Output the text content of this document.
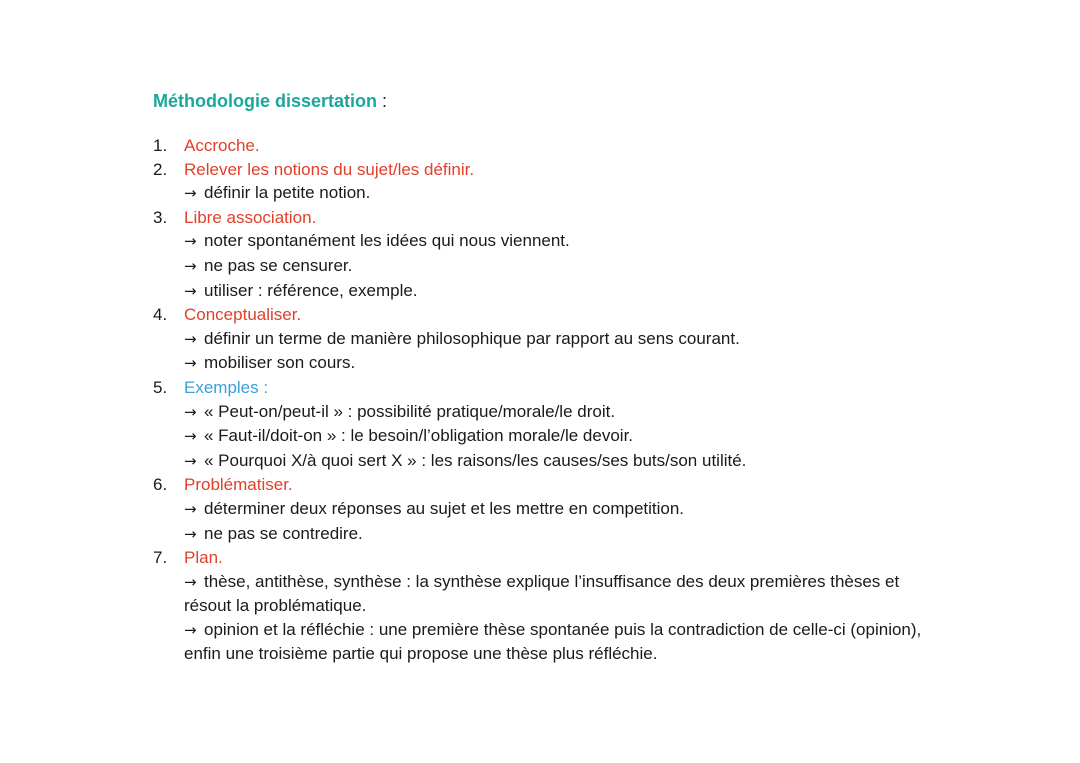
Méthodologie dissertation :
1. Accroche.
2. Relever les notions du sujet/les définir.
→ définir la petite notion.
3. Libre association.
→ noter spontanément les idées qui nous viennent.
→ ne pas se censurer.
→ utiliser : référence, exemple.
4. Conceptualiser.
→ définir un terme de manière philosophique par rapport au sens courant.
→ mobiliser son cours.
5. Exemples :
→ « Peut-on/peut-il » : possibilité pratique/morale/le droit.
→ « Faut-il/doit-on » : le besoin/l’obligation morale/le devoir.
→ « Pourquoi X/à quoi sert X » : les raisons/les causes/ses buts/son utilité.
6. Problématiser.
→ déterminer deux réponses au sujet et les mettre en competition.
→ ne pas se contredire.
7. Plan.
→ thèse, antithèse, synthèse : la synthèse explique l’insuffisance des deux premières thèses et résout la problématique.
→ opinion et la réfléchie : une première thèse spontanée puis la contradiction de celle-ci (opinion), enfin une troisième partie qui propose une thèse plus réfléchie.
